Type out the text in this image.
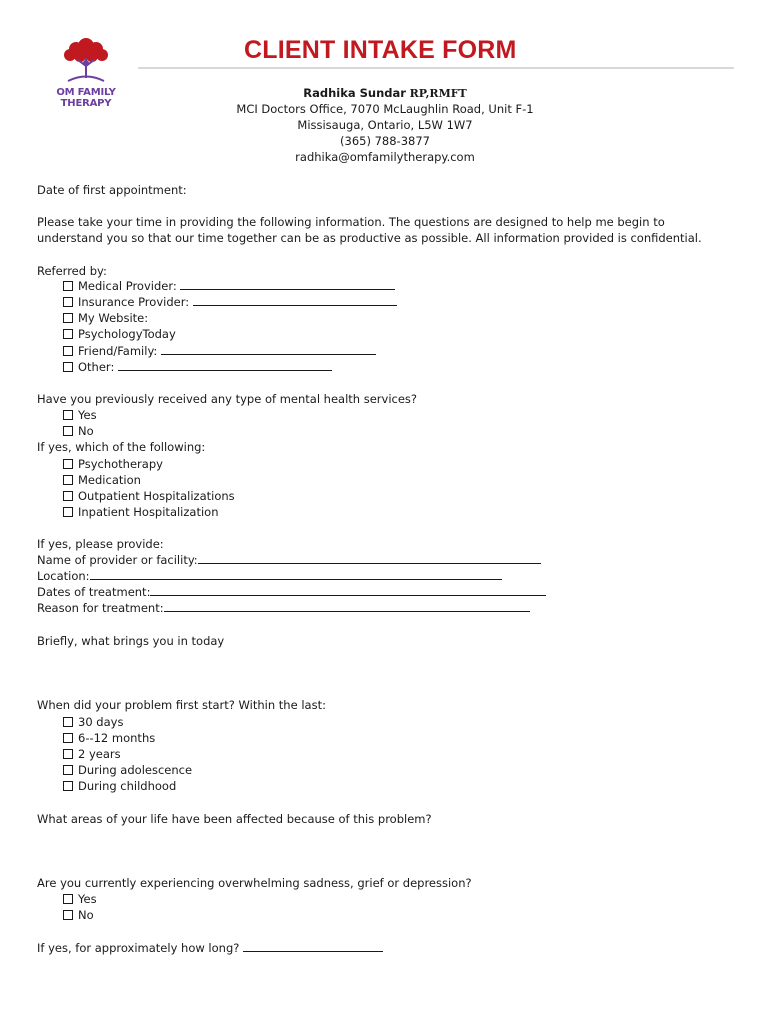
OM FAMILY THERAPY
CLIENT INTAKE FORM
Radhika Sundar RP,RMFT
MCI Doctors Office, 7070 McLaughlin Road, Unit F-1
Missisauga, Ontario, L5W 1W7
(365) 788-3877
radhika@omfamilytherapy.com
Date of first appointment:
Please take your time in providing the following information. The questions are designed to help me begin to
understand you so that our time together can be as productive as possible. All information provided is confidential.
Referred by:
Medical Provider:
Insurance Provider:
My Website:
PsychologyToday
Friend/Family:
Other:
Have you previously received any type of mental health services?
Yes
No
If yes, which of the following:
Psychotherapy
Medication
Outpatient Hospitalizations
Inpatient Hospitalization
If yes, please provide:
Name of provider or facility:
Location:
Dates of treatment:
Reason for treatment:
Briefly, what brings you in today
When did your problem first start? Within the last:
30 days
6--12 months
2 years
During adolescence
During childhood
What areas of your life have been affected because of this problem?
Are you currently experiencing overwhelming sadness, grief or depression?
Yes
No
If yes, for approximately how long?
